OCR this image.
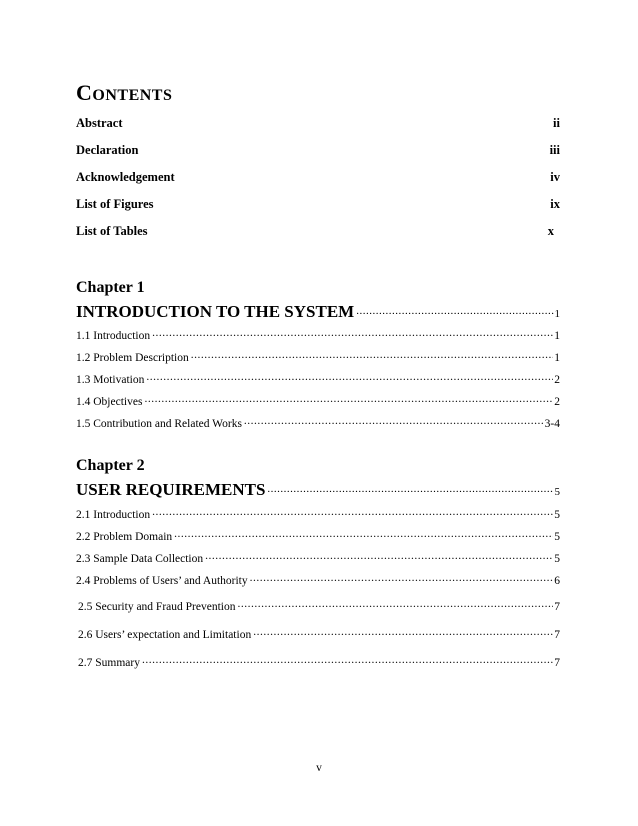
CONTENTS
Abstract	ii
Declaration	iii
Acknowledgement	iv
List of Figures	ix
List of Tables	x
Chapter 1
INTRODUCTION TO THE SYSTEM .....	1
1.1 Introduction .....	1
1.2 Problem Description .....	1
1.3 Motivation .....	2
1.4 Objectives .....	2
1.5 Contribution and Related Works .....	3-4
Chapter 2
USER REQUIREMENTS .....	5
2.1 Introduction .....	5
2.2 Problem Domain .....	5
2.3 Sample Data Collection .....	5
2.4 Problems of Users’ and Authority .....	6
2.5 Security and Fraud Prevention .....	7
2.6 Users’ expectation and Limitation .....	7
2.7 Summary .....	7
v
